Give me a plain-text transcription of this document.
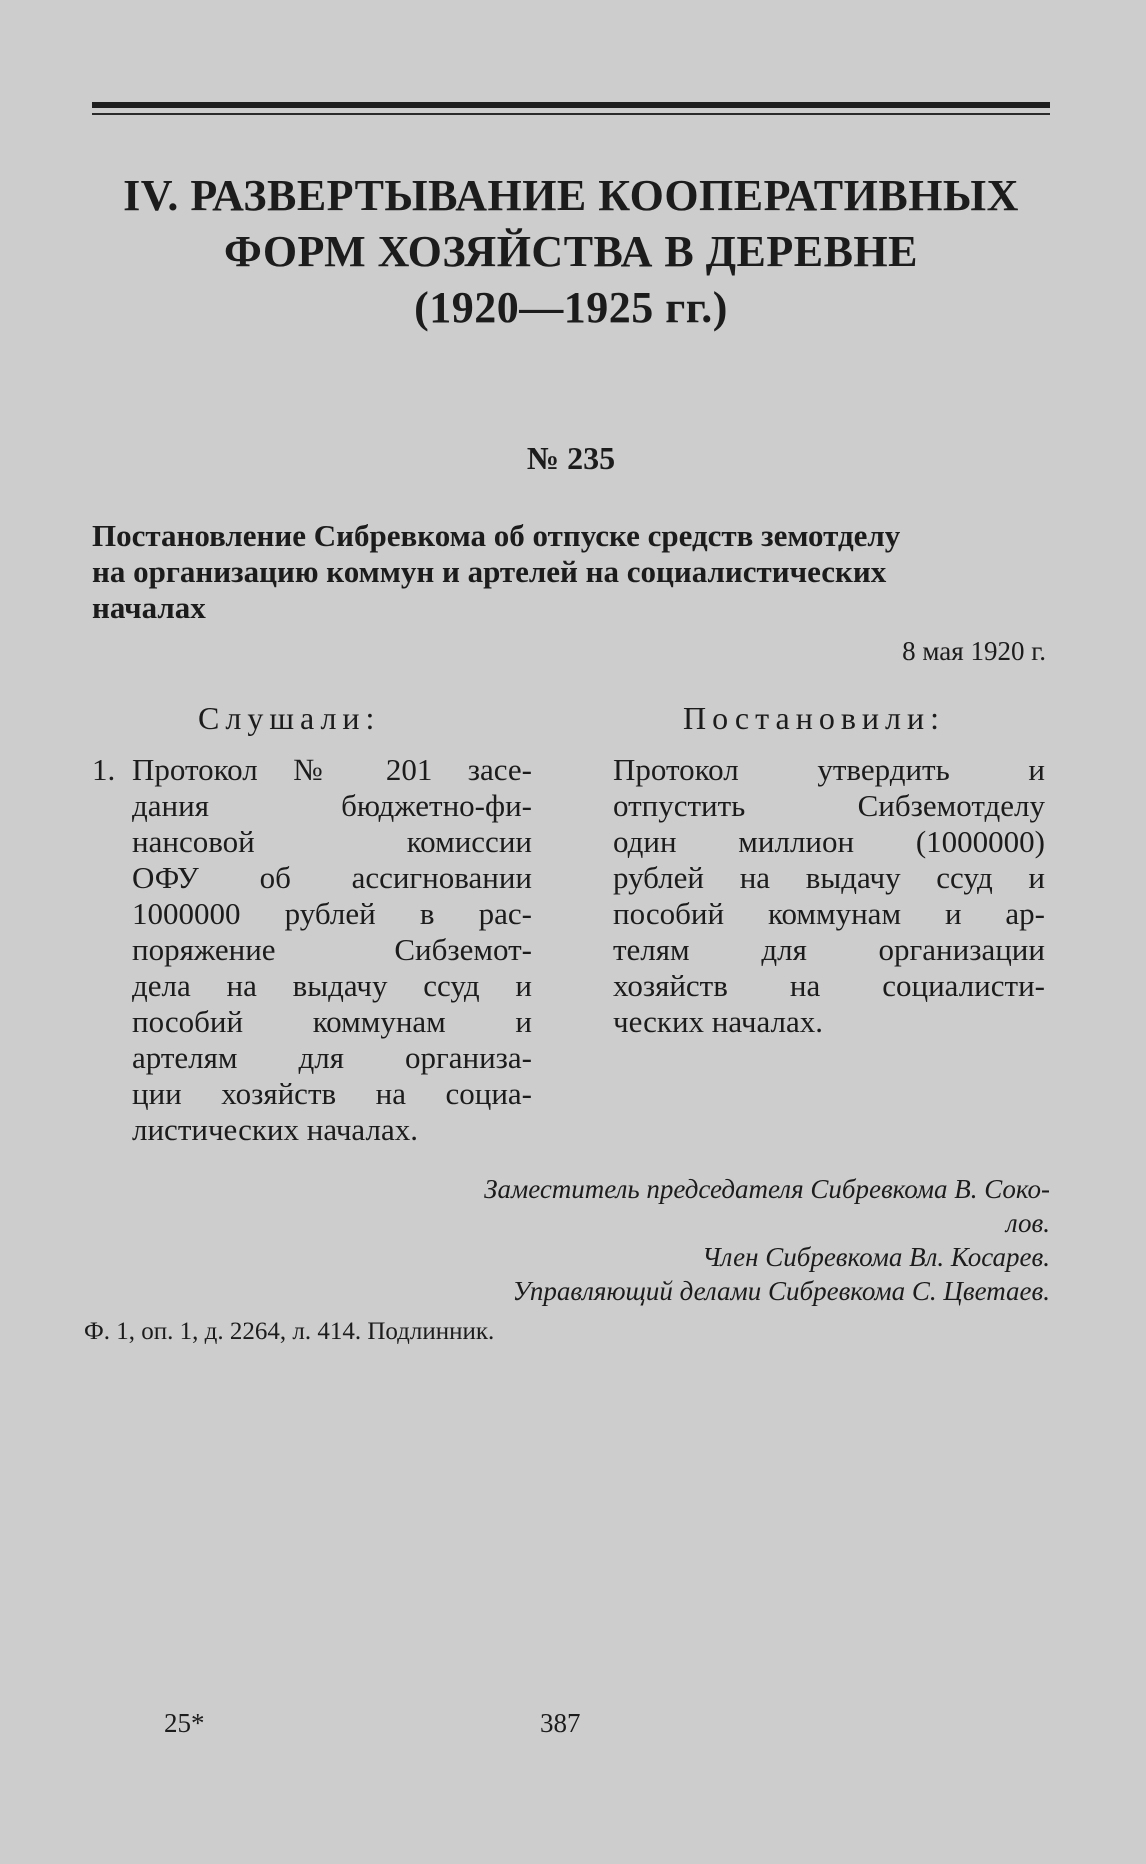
IV. РАЗВЕРТЫВАНИЕ КООПЕРАТИВНЫХ
ФОРМ ХОЗЯЙСТВА В ДЕРЕВНЕ
(1920—1925 гг.)
№ 235
Постановление Сибревкома об отпуске средств земотделу
на организацию коммун и артелей на социалистических
началах
8 мая 1920 г.
Слушали:	Постановили:
1. Протокол № 201 засе-
дания бюджетно-фи-
нансовой комиссии
ОФУ об ассигновании
1000000 рублей в рас-
поряжение Сибземот-
дела на выдачу ссуд и
пособий коммунам и
артелям для организа-
ции хозяйств на социа-
листических началах.
Протокол утвердить и
отпустить Сибземотделу
один миллион (1000000)
рублей на выдачу ссуд и
пособий коммунам и ар-
телям для организации
хозяйств на социалисти-
ческих началах.
Заместитель председателя Сибревкома В. Соко-
лов.
Член Сибревкома Вл. Косарев.
Управляющий делами Сибревкома С. Цветаев.
Ф. 1, оп. 1, д. 2264, л. 414. Подлинник.
25*	387
